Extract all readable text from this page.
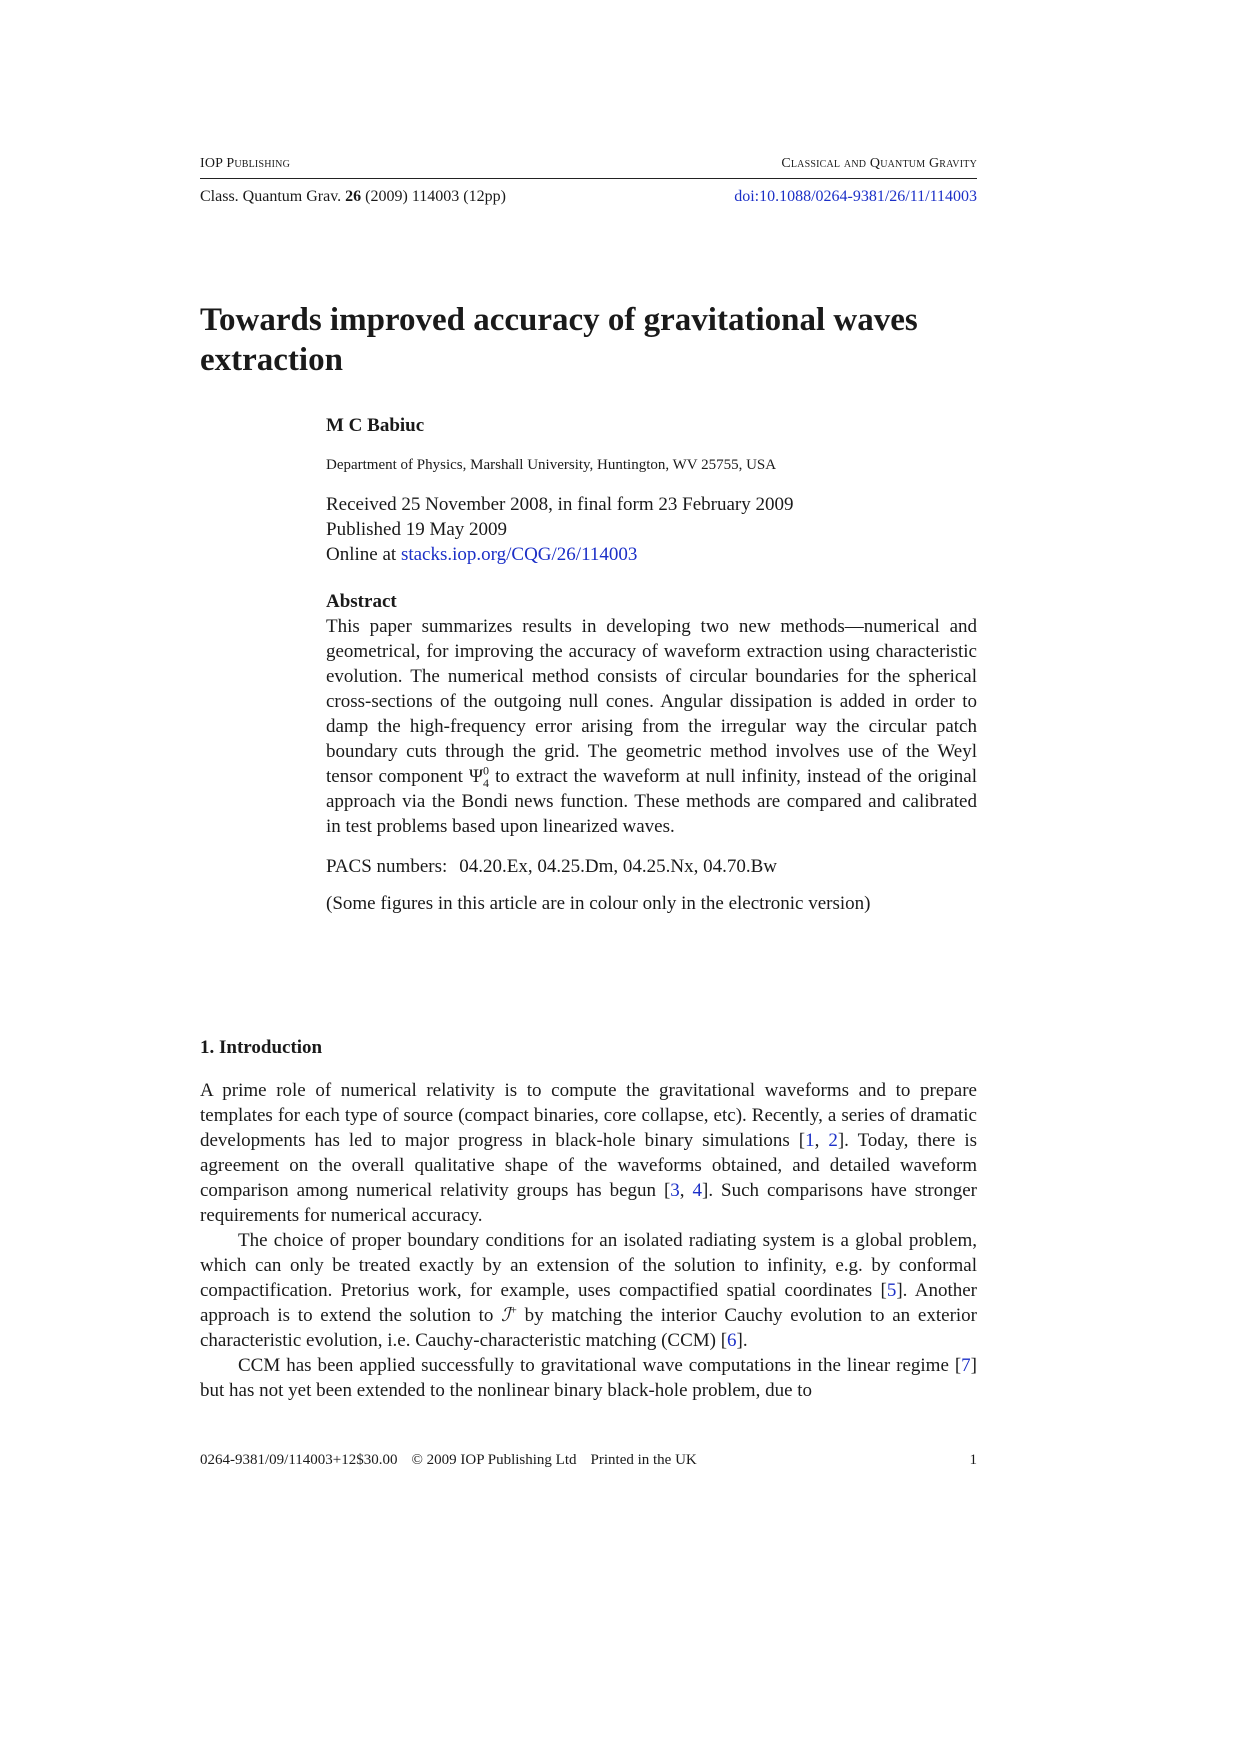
IOP Publishing	Classical and Quantum Gravity
Class. Quantum Grav. 26 (2009) 114003 (12pp)	doi:10.1088/0264-9381/26/11/114003
Towards improved accuracy of gravitational waves extraction

M C Babiuc

Department of Physics, Marshall University, Huntington, WV 25755, USA
Received 25 November 2008, in final form 23 February 2009
Published 19 May 2009
Online at stacks.iop.org/CQG/26/114003
Abstract
This paper summarizes results in developing two new methods—numerical and geometrical, for improving the accuracy of waveform extraction using characteristic evolution. The numerical method consists of circular boundaries for the spherical cross-sections of the outgoing null cones. Angular dissipation is added in order to damp the high-frequency error arising from the irregular way the circular patch boundary cuts through the grid. The geometric method involves use of the Weyl tensor component $\Psi^0_4$ to extract the waveform at null infinity, instead of the original approach via the Bondi news function. These methods are compared and calibrated in test problems based upon linearized waves.
PACS numbers: 04.20.Ex, 04.25.Dm, 04.25.Nx, 04.70.Bw
(Some figures in this article are in colour only in the electronic version)
1. Introduction

A prime role of numerical relativity is to compute the gravitational waveforms and to prepare templates for each type of source (compact binaries, core collapse, etc). Recently, a series of dramatic developments has led to major progress in black-hole binary simulations [1, 2]. Today, there is agreement on the overall qualitative shape of the waveforms obtained, and detailed waveform comparison among numerical relativity groups has begun [3, 4]. Such comparisons have stronger requirements for numerical accuracy.

The choice of proper boundary conditions for an isolated radiating system is a global problem, which can only be treated exactly by an extension of the solution to infinity, e.g. by conformal compactification. Pretorius work, for example, uses compactified spatial coordinates [5]. Another approach is to extend the solution to ℐ+ by matching the interior Cauchy evolution to an exterior characteristic evolution, i.e. Cauchy-characteristic matching (CCM) [6].

CCM has been applied successfully to gravitational wave computations in the linear regime [7] but has not yet been extended to the nonlinear binary black-hole problem, due to

0264-9381/09/114003+12$30.00 © 2009 IOP Publishing Ltd Printed in the UK	1
